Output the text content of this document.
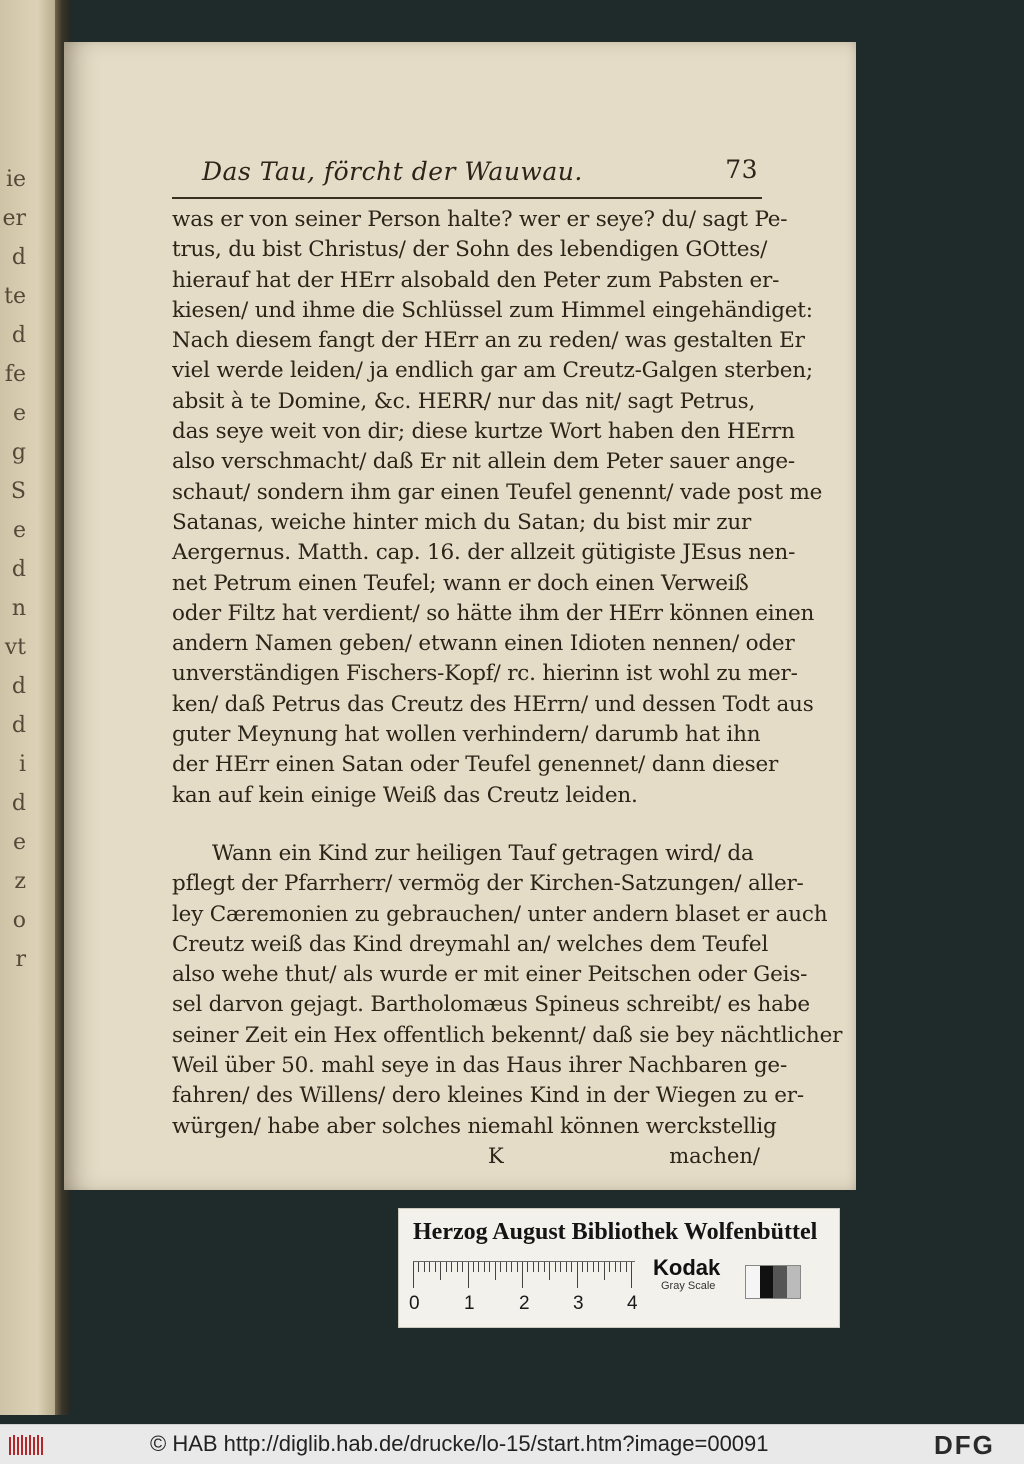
ie
er
d
te
d
fe
e
g
S
e
d
n
vt
d
d
i
d
e
z
o
r
Das Tau, förcht der Wauwau.	73
was er von seiner Person halte? wer er seye? du/ sagt Pe-
trus, du bist Christus/ der Sohn des lebendigen GOttes/
hierauf hat der HErr alsobald den Peter zum Pabsten er-
kiesen/ und ihme die Schlüssel zum Himmel eingehändiget:
Nach diesem fangt der HErr an zu reden/ was gestalten Er
viel werde leiden/ ja endlich gar am Creutz-Galgen sterben;
absit à te Domine, &c. HERR/ nur das nit/ sagt Petrus,
das seye weit von dir; diese kurtze Wort haben den HErrn
also verschmacht/ daß Er nit allein dem Peter sauer ange-
schaut/ sondern ihm gar einen Teufel genennt/ vade post me
Satanas, weiche hinter mich du Satan; du bist mir zur
Aergernus. Matth. cap. 16. der allzeit gütigiste JEsus nen-
net Petrum einen Teufel; wann er doch einen Verweiß
oder Filtz hat verdient/ so hätte ihm der HErr können einen
andern Namen geben/ etwann einen Idioten nennen/ oder
unverständigen Fischers-Kopf/ rc. hierinn ist wohl zu mer-
ken/ daß Petrus das Creutz des HErrn/ und dessen Todt aus
guter Meynung hat wollen verhindern/ darumb hat ihn
der HErr einen Satan oder Teufel genennet/ dann dieser
kan auf kein einige Weiß das Creutz leiden.
Wann ein Kind zur heiligen Tauf getragen wird/ da
pflegt der Pfarrherr/ vermög der Kirchen-Satzungen/ aller-
ley Cæremonien zu gebrauchen/ unter andern blaset er auch
Creutz weiß das Kind dreymahl an/ welches dem Teufel
also wehe thut/ als wurde er mit einer Peitschen oder Geis-
sel darvon gejagt. Bartholomæus Spineus schreibt/ es habe
seiner Zeit ein Hex offentlich bekennt/ daß sie bey nächtlicher
Weil über 50. mahl seye in das Haus ihrer Nachbaren ge-
fahren/ des Willens/ dero kleines Kind in der Wiegen zu er-
würgen/ habe aber solches niemahl können werckstellig
K	machen/
Herzog August Bibliothek Wolfenbüttel
0 1 2 3 4
Kodak
Gray Scale
© HAB http://diglib.hab.de/drucke/lo-15/start.htm?image=00091	DFG
